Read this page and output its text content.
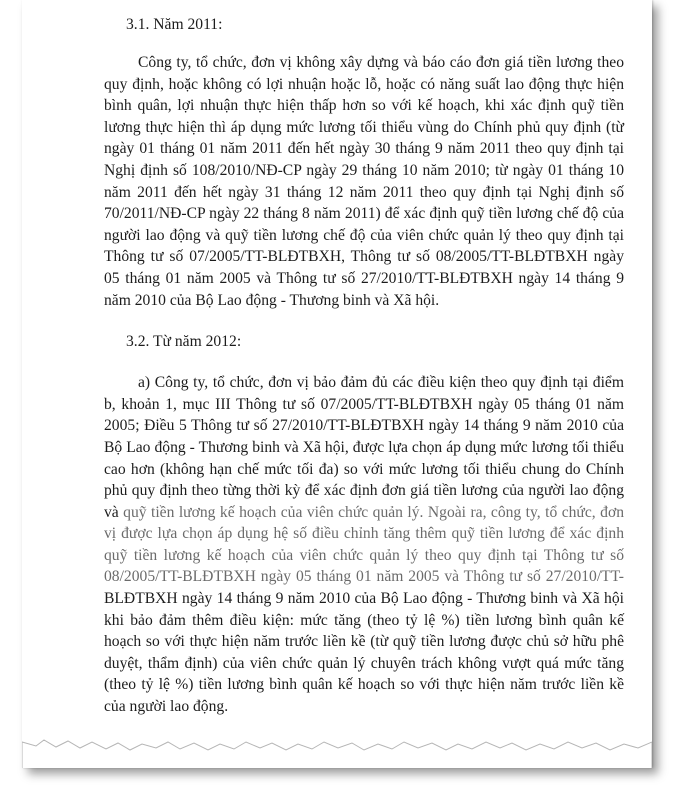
3.1. Năm 2011:

Công ty, tổ chức, đơn vị không xây dựng và báo cáo đơn giá tiền lương theo quy định, hoặc không có lợi nhuận hoặc lỗ, hoặc có năng suất lao động thực hiện bình quân, lợi nhuận thực hiện thấp hơn so với kế hoạch, khi xác định quỹ tiền lương thực hiện thì áp dụng mức lương tối thiểu vùng do Chính phủ quy định (từ ngày 01 tháng 01 năm 2011 đến hết ngày 30 tháng 9 năm 2011 theo quy định tại Nghị định số 108/2010/NĐ-CP ngày 29 tháng 10 năm 2010; từ ngày 01 tháng 10 năm 2011 đến hết ngày 31 tháng 12 năm 2011 theo quy định tại Nghị định số 70/2011/NĐ-CP ngày 22 tháng 8 năm 2011) để xác định quỹ tiền lương chế độ của người lao động và quỹ tiền lương chế độ của viên chức quản lý theo quy định tại Thông tư số 07/2005/TT-BLĐTBXH, Thông tư số 08/2005/TT-BLĐTBXH ngày 05 tháng 01 năm 2005 và Thông tư số 27/2010/TT-BLĐTBXH ngày 14 tháng 9 năm 2010 của Bộ Lao động - Thương binh và Xã hội.

3.2. Từ năm 2012:

a) Công ty, tổ chức, đơn vị bảo đảm đủ các điều kiện theo quy định tại điểm b, khoản 1, mục III Thông tư số 07/2005/TT-BLĐTBXH ngày 05 tháng 01 năm 2005; Điều 5 Thông tư số 27/2010/TT-BLĐTBXH ngày 14 tháng 9 năm 2010 của Bộ Lao động - Thương binh và Xã hội, được lựa chọn áp dụng mức lương tối thiểu cao hơn (không hạn chế mức tối đa) so với mức lương tối thiểu chung do Chính phủ quy định theo từng thời kỳ để xác định đơn giá tiền lương của người lao động và quỹ tiền lương kế hoạch của viên chức quản lý. Ngoài ra, công ty, tổ chức, đơn vị được lựa chọn áp dụng hệ số điều chỉnh tăng thêm quỹ tiền lương để xác định quỹ tiền lương kế hoạch của viên chức quản lý theo quy định tại Thông tư số 08/2005/TT-BLĐTBXH ngày 05 tháng 01 năm 2005 và Thông tư số 27/2010/TT-BLĐTBXH ngày 14 tháng 9 năm 2010 của Bộ Lao động - Thương binh và Xã hội khi bảo đảm thêm điều kiện: mức tăng (theo tỷ lệ %) tiền lương bình quân kế hoạch so với thực hiện năm trước liền kề (từ quỹ tiền lương được chủ sở hữu phê duyệt, thẩm định) của viên chức quản lý chuyên trách không vượt quá mức tăng (theo tỷ lệ %) tiền lương bình quân kế hoạch so với thực hiện năm trước liền kề của người lao động.
